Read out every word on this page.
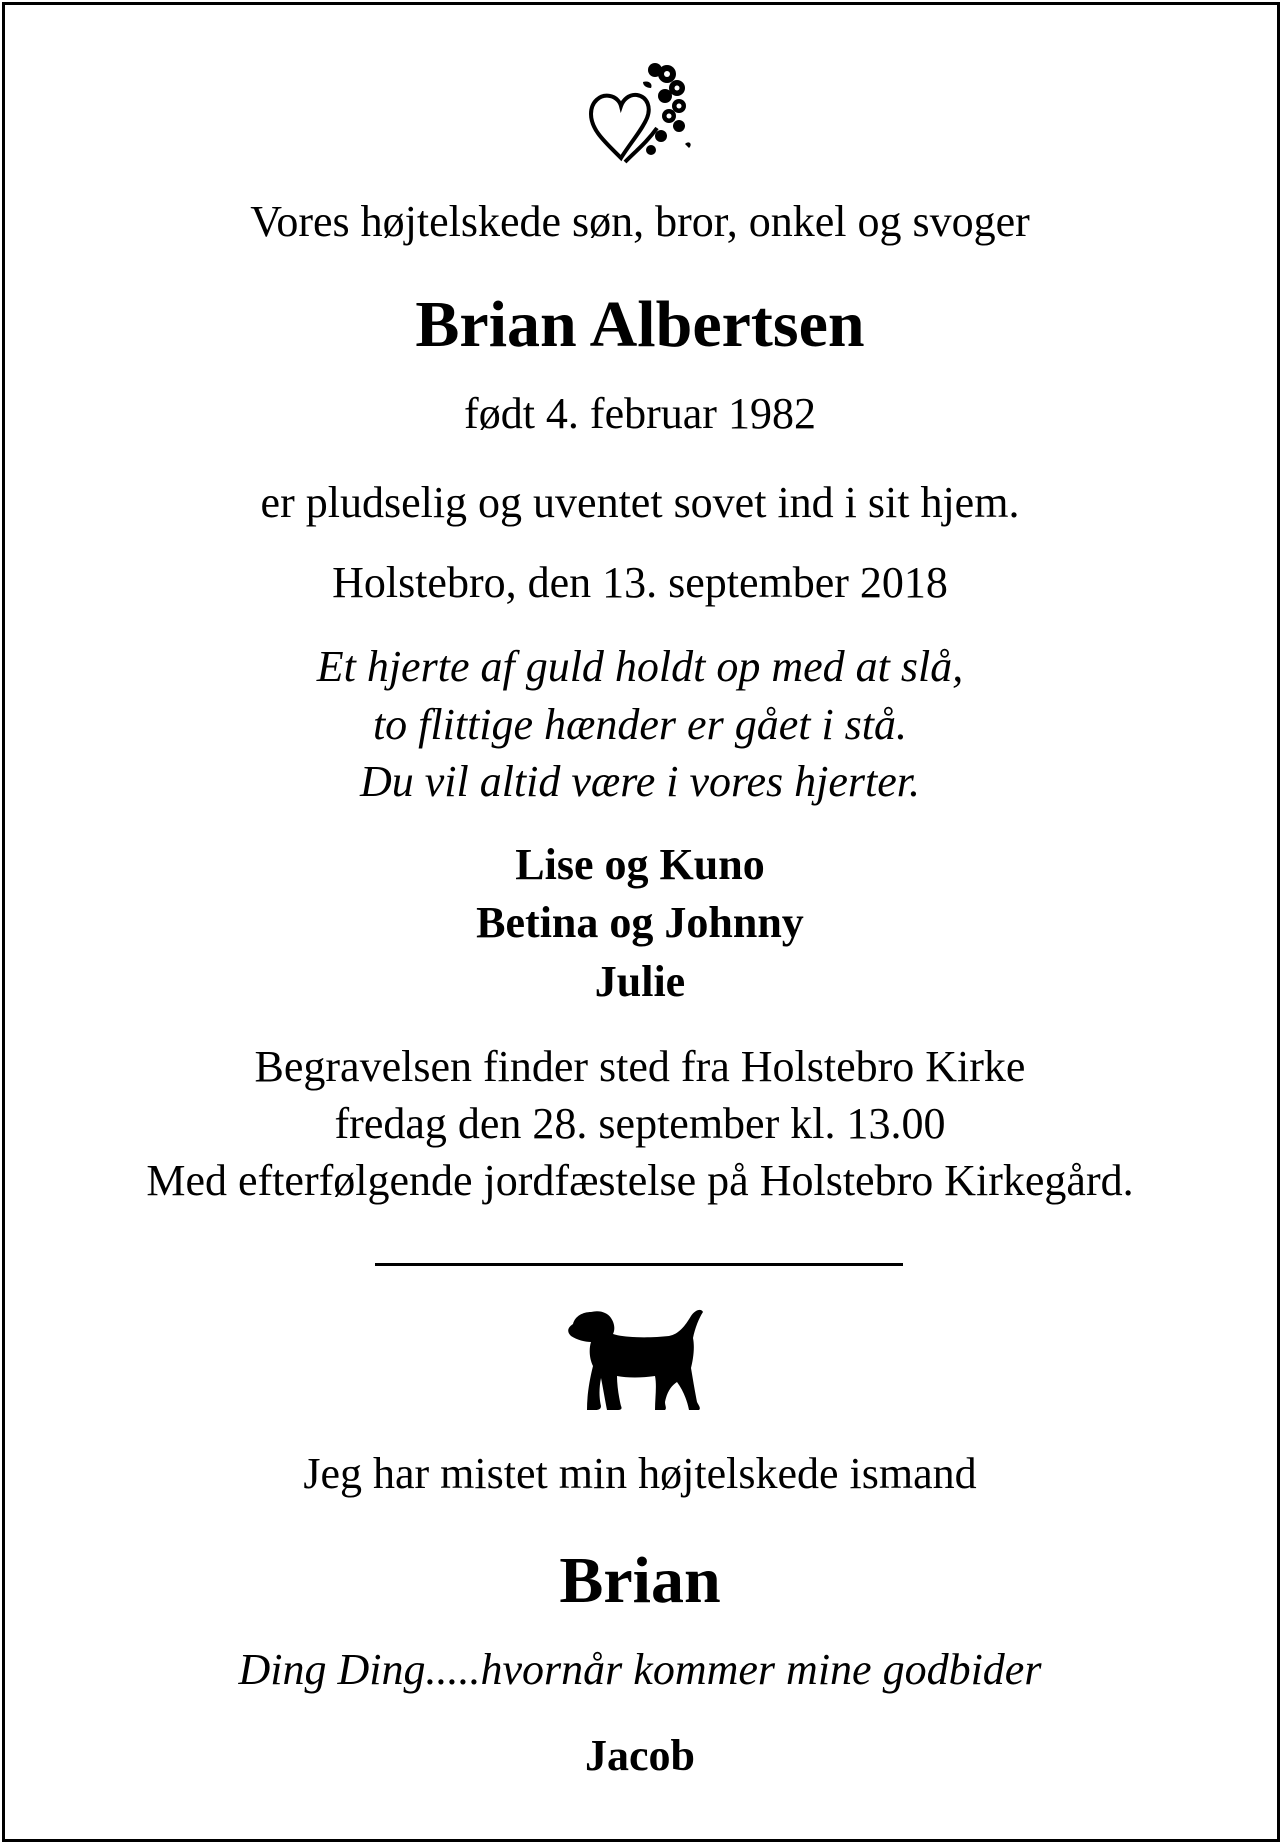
Vores højtelskede søn, bror, onkel og svoger
Brian Albertsen
født 4. februar 1982
er pludselig og uventet sovet ind i sit hjem.
Holstebro, den 13. september 2018
Et hjerte af guld holdt op med at slå,
to flittige hænder er gået i stå.
Du vil altid være i vores hjerter.
Lise og Kuno
Betina og Johnny
Julie
Begravelsen finder sted fra Holstebro Kirke
fredag den 28. september kl. 13.00
Med efterfølgende jordfæstelse på Holstebro Kirkegård.
Jeg har mistet min højtelskede ismand
Brian
Ding Ding.....hvornår kommer mine godbider
Jacob
